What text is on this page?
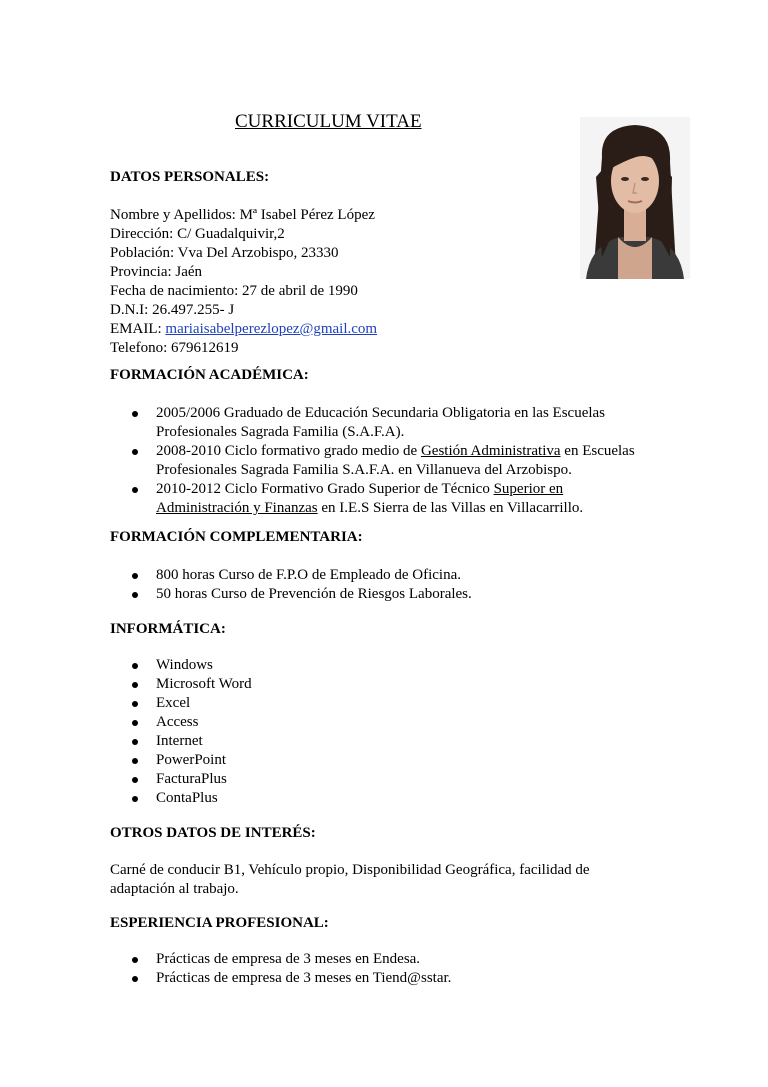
CURRICULUM VITAE
DATOS PERSONALES:
Nombre y Apellidos: Mª Isabel Pérez López
Dirección: C/ Guadalquivir,2
Población: Vva Del Arzobispo, 23330
Provincia: Jaén
Fecha de nacimiento: 27 de abril de 1990
D.N.I: 26.497.255- J
EMAIL: mariaisabelperezlopez@gmail.com
Telefono: 679612619
FORMACIÓN ACADÉMICA:
2005/2006 Graduado de Educación Secundaria Obligatoria en las Escuelas
Profesionales Sagrada Familia (S.A.F.A).
2008-2010 Ciclo formativo grado medio de Gestión Administrativa en Escuelas
Profesionales Sagrada Familia S.A.F.A. en Villanueva del Arzobispo.
2010-2012 Ciclo Formativo Grado Superior de Técnico Superior en
Administración y Finanzas en I.E.S Sierra de las Villas en Villacarrillo.
FORMACIÓN COMPLEMENTARIA:
800 horas Curso de F.P.O de Empleado de Oficina.
50 horas Curso de Prevención de Riesgos Laborales.
INFORMÁTICA:
Windows
Microsoft Word
Excel
Access
Internet
PowerPoint
FacturaPlus
ContaPlus
OTROS DATOS DE INTERÉS:
Carné de conducir B1, Vehículo propio, Disponibilidad Geográfica, facilidad de
adaptación al trabajo.
ESPERIENCIA PROFESIONAL:
Prácticas de empresa de 3 meses en Endesa.
Prácticas de empresa de 3 meses en Tiend@sstar.
